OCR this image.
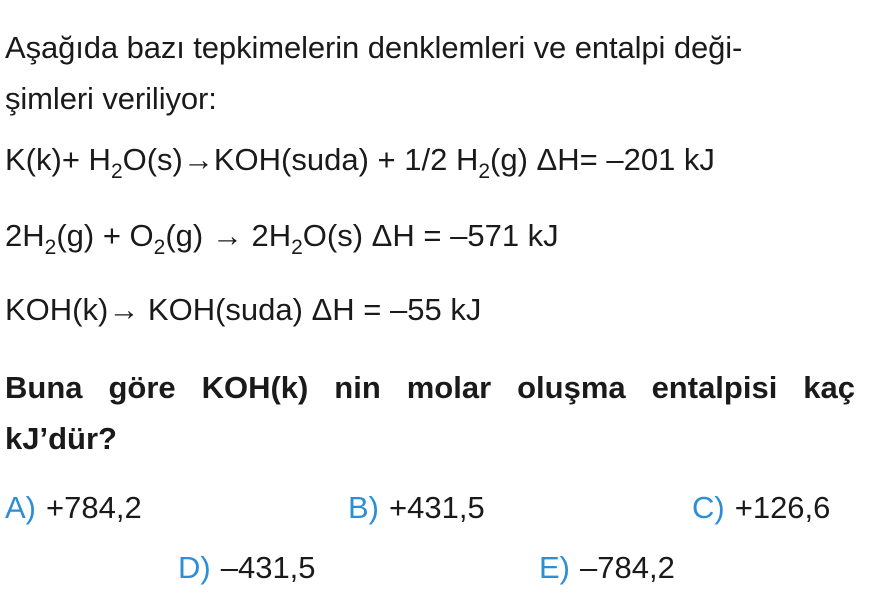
Aşağıda bazı tepkimelerin denklemleri ve entalpi deği-
şimleri veriliyor:
$K(k)+ H_2O(s)\to KOH(suda) + 1/2$ $H_2(g)$ ΔH= –201 kJ
$2H_2(g) + O_2(g) \to 2H_2O(s) \Delta H = -571$ kJ
KOH(k)→ KOH(suda) ΔH = –55 kJ
Buna göre KOH(k) nin molar oluşma entalpisi kaç
kJ’dür?
A) +784,2	B) +431,5	C) +126,6
D) –431,5	E) –784,2
